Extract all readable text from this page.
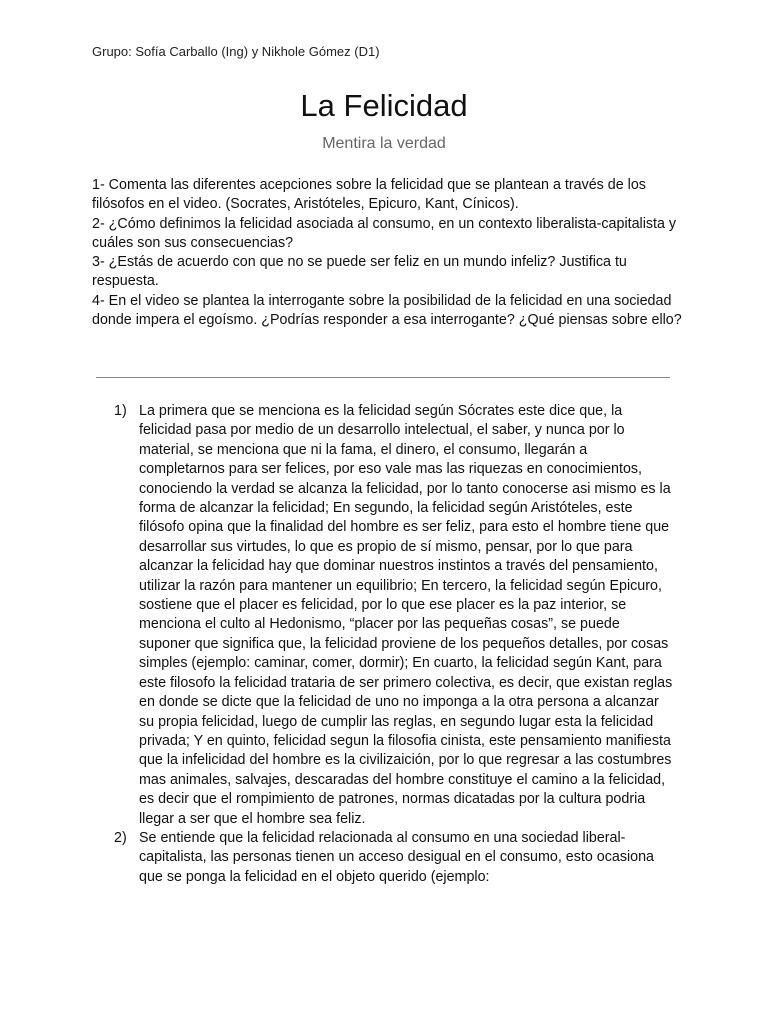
Grupo: Sofía Carballo (Ing) y Nikhole Gómez (D1)
La Felicidad
Mentira la verdad

1- Comenta las diferentes acepciones sobre la felicidad que se plantean a través de los filósofos en el video. (Socrates, Aristóteles, Epicuro, Kant, Cínicos).

2- ¿Cómo definimos la felicidad asociada al consumo, en un contexto liberalista-capitalista y cuáles son sus consecuencias?

3- ¿Estás de acuerdo con que no se puede ser feliz en un mundo infeliz? Justifica tu respuesta.

4- En el video se plantea la interrogante sobre la posibilidad de la felicidad en una sociedad donde impera el egoísmo. ¿Podrías responder a esa interrogante? ¿Qué piensas sobre ello?

1) La primera que se menciona es la felicidad según Sócrates este dice que, la felicidad pasa por medio de un desarrollo intelectual, el saber, y nunca por lo material, se menciona que ni la fama, el dinero, el consumo, llegarán a completarnos para ser felices, por eso vale mas las riquezas en conocimientos, conociendo la verdad se alcanza la felicidad, por lo tanto conocerse asi mismo es la forma de alcanzar la felicidad; En segundo, la felicidad según Aristóteles, este filósofo opina que la finalidad del hombre es ser feliz, para esto el hombre tiene que desarrollar sus virtudes, lo que es propio de sí mismo, pensar, por lo que para alcanzar la felicidad hay que dominar nuestros instintos a través del pensamiento, utilizar la razón para mantener un equilibrio; En tercero, la felicidad según Epicuro, sostiene que el placer es felicidad, por lo que ese placer es la paz interior, se menciona el culto al Hedonismo, “placer por las pequeñas cosas”, se puede suponer que significa que, la felicidad proviene de los pequeños detalles, por cosas simples (ejemplo: caminar, comer, dormir); En cuarto, la felicidad según Kant, para este filosofo la felicidad trataria de ser primero colectiva, es decir, que existan reglas en donde se dicte que la felicidad de uno no imponga a la otra persona a alcanzar su propia felicidad, luego de cumplir las reglas, en segundo lugar esta la felicidad privada; Y en quinto, felicidad segun la filosofia cinista, este pensamiento manifiesta que la infelicidad del hombre es la civilizaición, por lo que regresar a las costumbres mas animales, salvajes, descaradas del hombre constituye el camino a la felicidad, es decir que el rompimiento de patrones, normas dicatadas por la cultura podria llegar a ser que el hombre sea feliz.
2) Se entiende que la felicidad relacionada al consumo en una sociedad liberal-capitalista, las personas tienen un acceso desigual en el consumo, esto ocasiona que se ponga la felicidad en el objeto querido (ejemplo:
